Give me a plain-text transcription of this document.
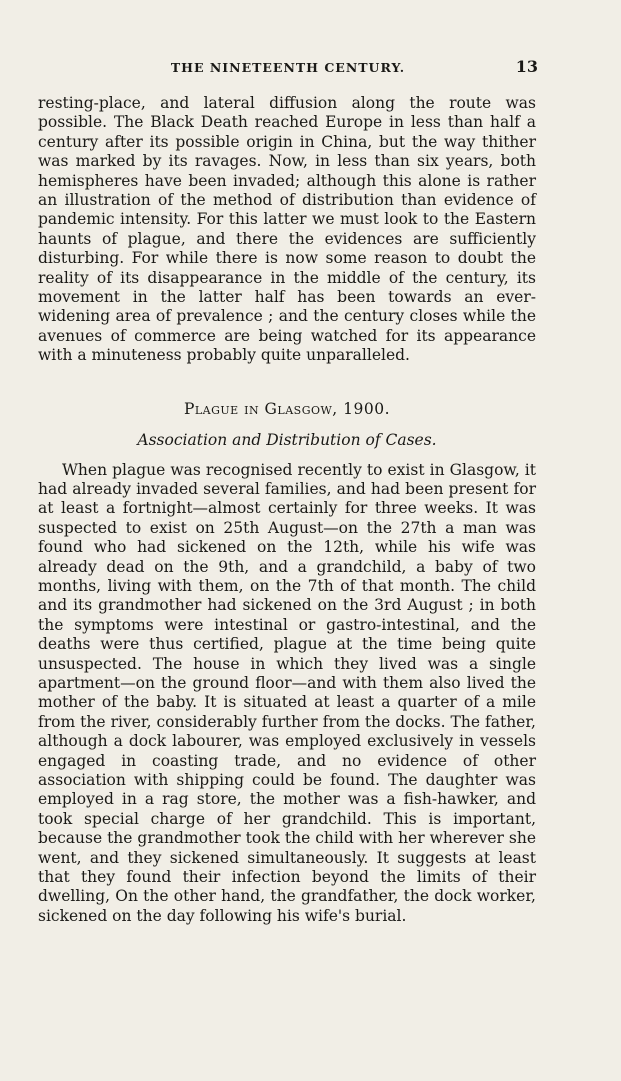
THE NINETEENTH CENTURY.	13

resting-place, and lateral diffusion along the route was possible. The Black Death reached Europe in less than half a century after its possible origin in China, but the way thither was marked by its ravages. Now, in less than six years, both hemispheres have been invaded; although this alone is rather an illustration of the method of distribution than evidence of pandemic intensity. For this latter we must look to the Eastern haunts of plague, and there the evidences are sufficiently disturbing. For while there is now some reason to doubt the reality of its disappearance in the middle of the century, its movement in the latter half has been towards an ever-widening area of prevalence ; and the century closes while the avenues of commerce are being watched for its appearance with a minuteness probably quite unparalleled.

Plague in Glasgow, 1900.
Association and Distribution of Cases.

When plague was recognised recently to exist in Glasgow, it had already invaded several families, and had been present for at least a fortnight—almost certainly for three weeks. It was suspected to exist on 25th August—on the 27th a man was found who had sickened on the 12th, while his wife was already dead on the 9th, and a grandchild, a baby of two months, living with them, on the 7th of that month. The child and its grandmother had sickened on the 3rd August ; in both the symptoms were intestinal or gastro-intestinal, and the deaths were thus certified, plague at the time being quite unsuspected. The house in which they lived was a single apartment—on the ground floor—and with them also lived the mother of the baby. It is situated at least a quarter of a mile from the river, considerably further from the docks. The father, although a dock labourer, was employed exclusively in vessels engaged in coasting trade, and no evidence of other association with shipping could be found. The daughter was employed in a rag store, the mother was a fish-hawker, and took special charge of her grandchild. This is important, because the grandmother took the child with her wherever she went, and they sickened simultaneously. It suggests at least that they found their infection beyond the limits of their dwelling, On the other hand, the grandfather, the dock worker, sickened on the day following his wife's burial.
